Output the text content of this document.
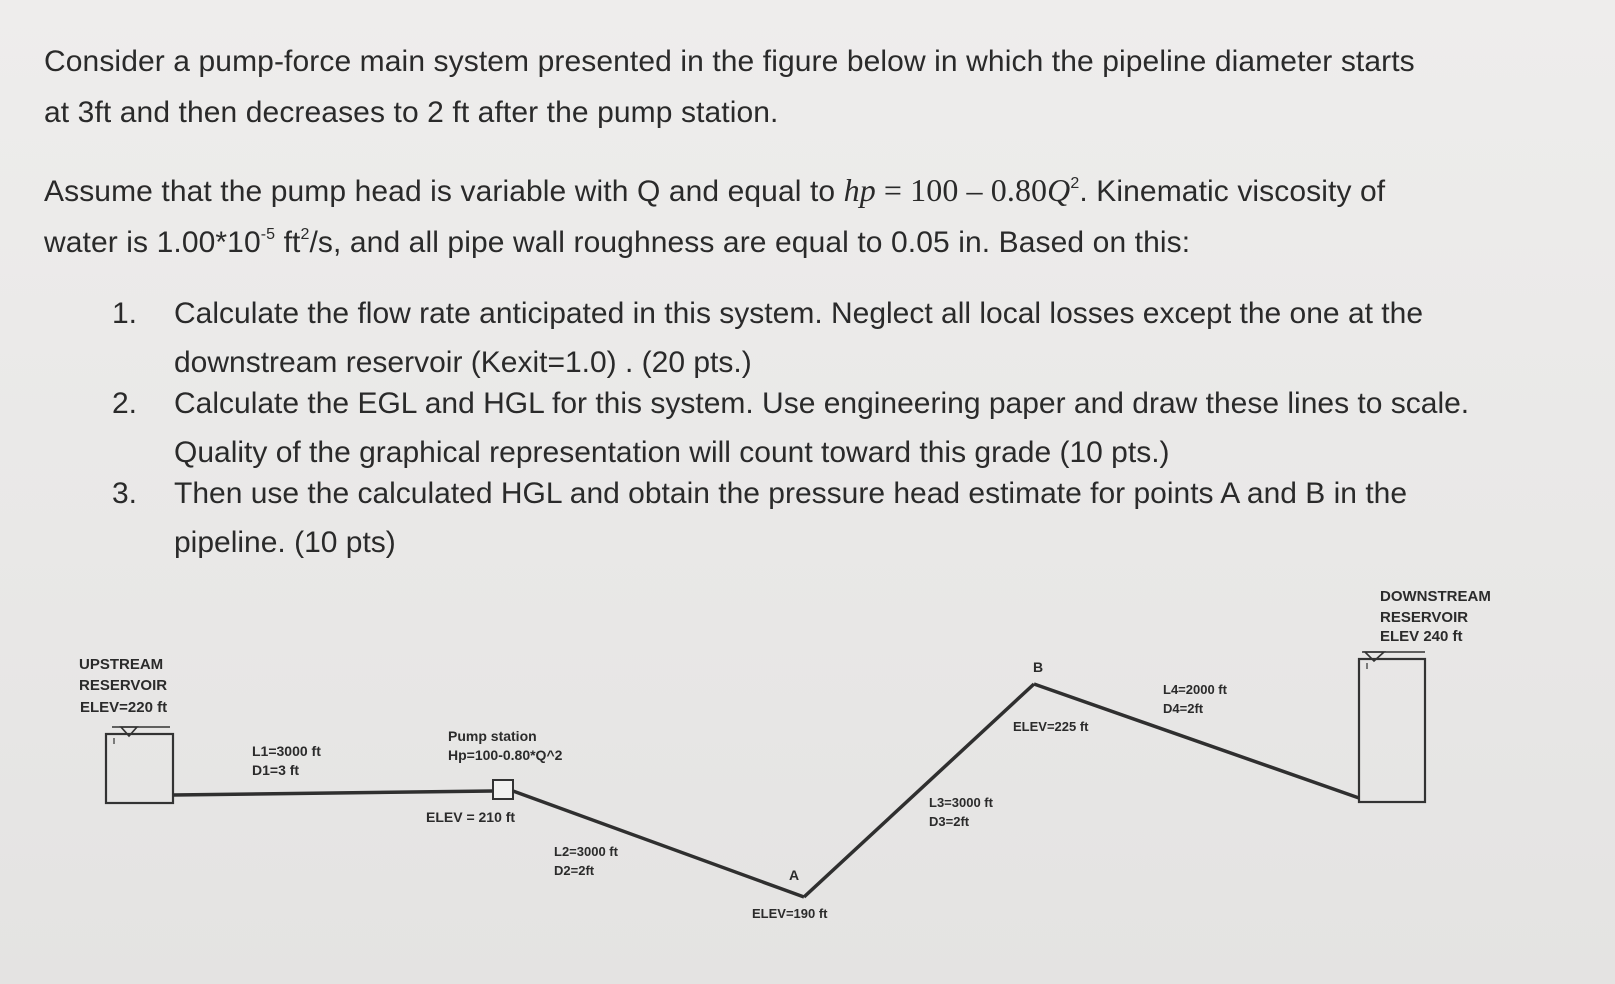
Consider a pump-force main system presented in the figure below in which the pipeline diameter starts
at 3ft and then decreases to 2 ft after the pump station.
Assume that the pump head is variable with Q and equal to hp = $100 - 0.80Q^2$. Kinematic viscosity of
water is $1.00*10^{-5}$ $ft^2/s$, and all pipe wall roughness are equal to 0.05 in. Based on this:
1. Calculate the flow rate anticipated in this system. Neglect all local losses except the one at the
downstream reservoir (Kexit=1.0) . (20 pts.)
2. Calculate the EGL and HGL for this system. Use engineering paper and draw these lines to scale.
Quality of the graphical representation will count toward this grade (10 pts.)
3. Then use the calculated HGL and obtain the pressure head estimate for points A and B in the
pipeline. (10 pts)
UPSTREAM
RESERVOIR
ELEV=220 ft
DOWNSTREAM
RESERVOIR
ELEV 240 ft
L1=3000 ft
D1=3 ft
Pump station
Hp=100-0.80*Q^2
ELEV = 210 ft
L2=3000 ft
D2=2ft	A
ELEV=190 ft
L3=3000 ft
D3=2ft
B
ELEV=225 ft
L4=2000 ft
D4=2ft
